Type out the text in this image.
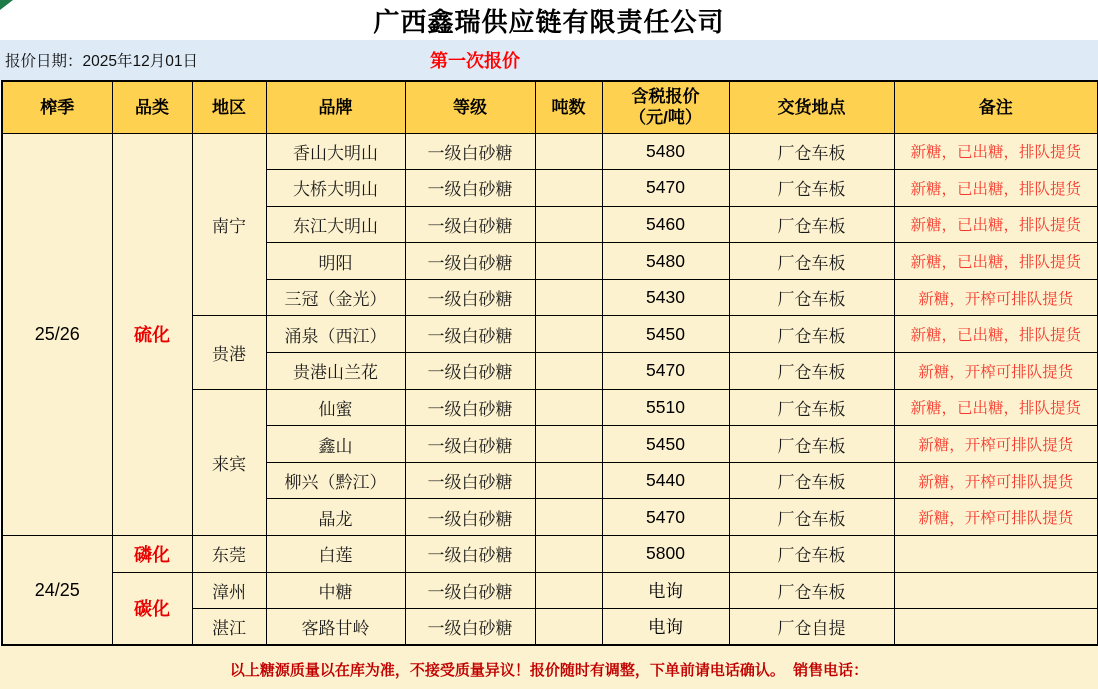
广西鑫瑞供应链有限责任公司
报价日期：2025年12月01日	第一次报价
榨季	品类	地区	品牌	等级	吨数	含税报价
（元/吨）	交货地点	备注
25/26	硫化	南宁	香山大明山	一级白砂糖		5480	厂仓车板	新糖，已出糖，排队提货
			大桥大明山	一级白砂糖		5470	厂仓车板	新糖，已出糖，排队提货
			东江大明山	一级白砂糖		5460	厂仓车板	新糖，已出糖，排队提货
			明阳	一级白砂糖		5480	厂仓车板	新糖，已出糖，排队提货
			三冠（金光）	一级白砂糖		5430	厂仓车板	新糖，开榨可排队提货
		贵港	涌泉（西江）	一级白砂糖		5450	厂仓车板	新糖，已出糖，排队提货
			贵港山兰花	一级白砂糖		5470	厂仓车板	新糖，开榨可排队提货
		来宾	仙蜜	一级白砂糖		5510	厂仓车板	新糖，已出糖，排队提货
			鑫山	一级白砂糖		5450	厂仓车板	新糖，开榨可排队提货
			柳兴（黔江）	一级白砂糖		5440	厂仓车板	新糖，开榨可排队提货
			晶龙	一级白砂糖		5470	厂仓车板	新糖，开榨可排队提货
24/25	磷化	东莞	白莲	一级白砂糖		5800	厂仓车板	
	碳化	漳州	中糖	一级白砂糖		电询	厂仓车板	
		湛江	客路甘岭	一级白砂糖		电询	厂仓自提	
以上糖源质量以在库为准，不接受质量异议！报价随时有调整，下单前请电话确认。  销售电话：
